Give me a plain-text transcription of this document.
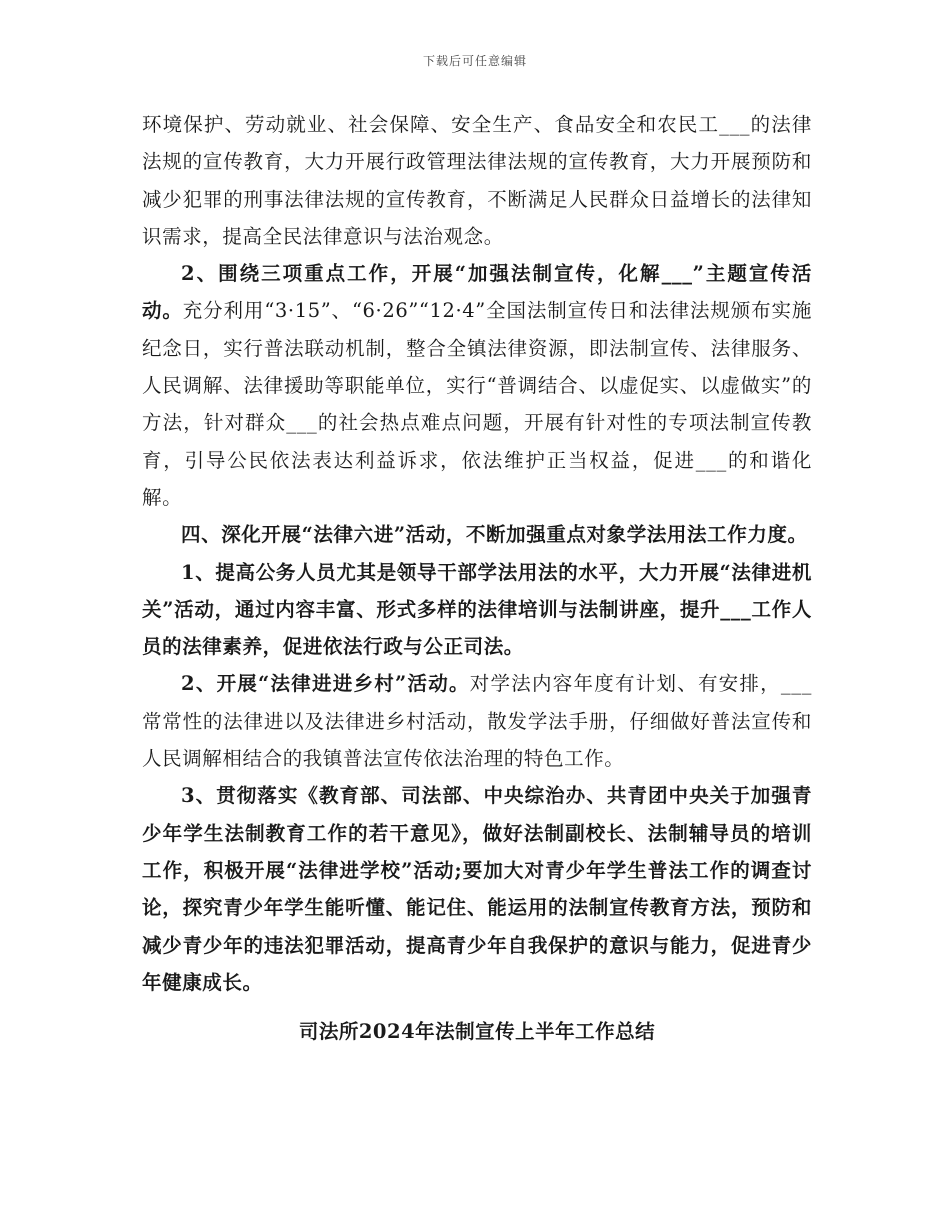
下载后可任意编辑

环境保护、劳动就业、社会保障、安全生产、食品安全和农民工___的法律法规的宣传教育，大力开展行政管理法律法规的宣传教育，大力开展预防和减少犯罪的刑事法律法规的宣传教育，不断满足人民群众日益增长的法律知识需求，提高全民法律意识与法治观念。

2、围绕三项重点工作，开展“加强法制宣传，化解___”主题宣传活动。充分利用“3·15”、“6·26”“12·4”全国法制宣传日和法律法规颁布实施纪念日，实行普法联动机制，整合全镇法律资源，即法制宣传、法律服务、人民调解、法律援助等职能单位，实行“普调结合、以虚促实、以虚做实”的方法，针对群众___的社会热点难点问题，开展有针对性的专项法制宣传教育，引导公民依法表达利益诉求，依法维护正当权益，促进___的和谐化解。

四、深化开展“法律六进”活动，不断加强重点对象学法用法工作力度。

1、提高公务人员尤其是领导干部学法用法的水平，大力开展“法律进机关”活动，通过内容丰富、形式多样的法律培训与法制讲座，提升___工作人员的法律素养，促进依法行政与公正司法。

2、开展“法律进进乡村”活动。对学法内容年度有计划、有安排，___常常性的法律进以及法律进乡村活动，散发学法手册，仔细做好普法宣传和人民调解相结合的我镇普法宣传依法治理的特色工作。

3、贯彻落实《教育部、司法部、中央综治办、共青团中央关于加强青少年学生法制教育工作的若干意见》，做好法制副校长、法制辅导员的培训工作，积极开展“法律进学校”活动;要加大对青少年学生普法工作的调查讨论，探究青少年学生能听懂、能记住、能运用的法制宣传教育方法，预防和减少青少年的违法犯罪活动，提高青少年自我保护的意识与能力，促进青少年健康成长。

司法所2024年法制宣传上半年工作总结
